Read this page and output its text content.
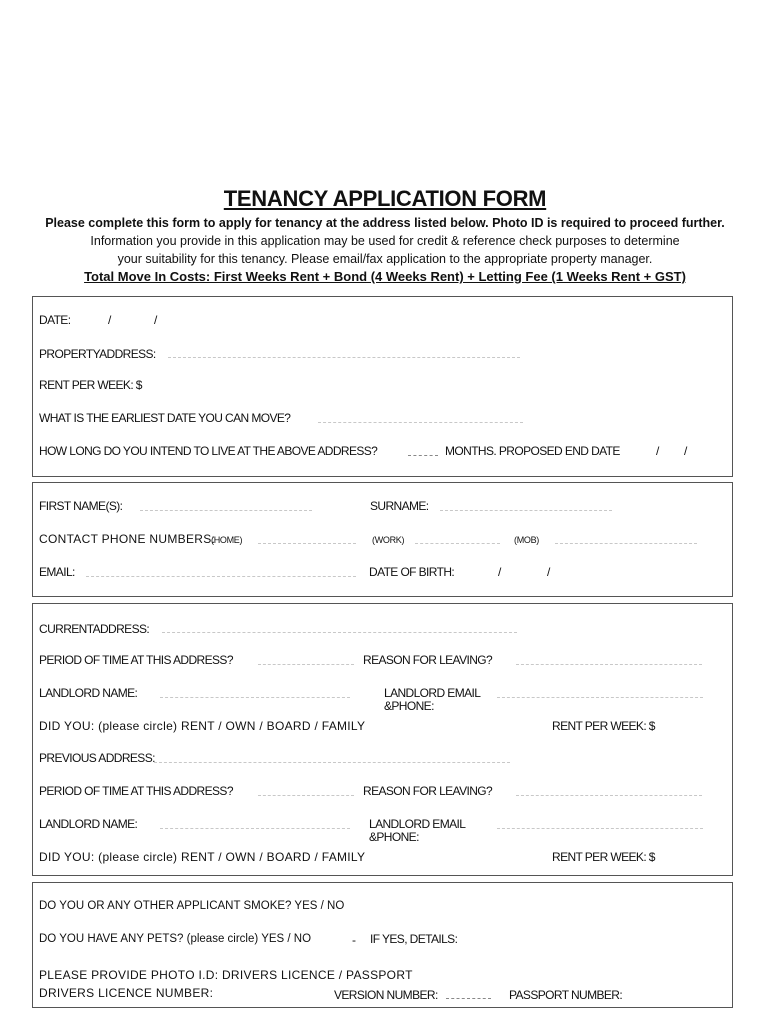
TENANCY APPLICATION FORM
Please complete this form to apply for tenancy at the address listed below. Photo ID is required to proceed further.
Information you provide in this application may be used for credit & reference check purposes to determine
your suitability for this tenancy. Please email/fax application to the appropriate property manager.
Total Move In Costs: First Weeks Rent + Bond (4 Weeks Rent) + Letting Fee (1 Weeks Rent + GST)
DATE:	/	/
PROPERTYADDRESS:
RENT PER WEEK: $
WHAT IS THE EARLIEST DATE YOU CAN MOVE?
HOW LONG DO YOU INTEND TO LIVE AT THE ABOVE ADDRESS?	MONTHS. PROPOSED END DATE	/ /
FIRST NAME(S):	SURNAME:
CONTACT PHONE NUMBERS:
(HOME)	(WORK)	(MOB)
EMAIL:	DATE OF BIRTH:	/	/
CURRENTADDRESS:
PERIOD OF TIME AT THIS ADDRESS?	REASON FOR LEAVING?
LANDLORD NAME:	LANDLORD EMAIL
&PHONE:
DID YOU: (please circle) RENT / OWN / BOARD / FAMILY	RENT PER WEEK: $
PREVIOUS ADDRESS:
PERIOD OF TIME AT THIS ADDRESS?	REASON FOR LEAVING?
LANDLORD NAME:	LANDLORD EMAIL
&PHONE:
DID YOU: (please circle) RENT / OWN / BOARD / FAMILY	RENT PER WEEK: $
DO YOU OR ANY OTHER APPLICANT SMOKE? YES / NO
DO YOU HAVE ANY PETS? (please circle) YES / NO	- IF YES, DETAILS:
PLEASE PROVIDE PHOTO I.D: DRIVERS LICENCE / PASSPORT
DRIVERS LICENCE NUMBER:	VERSION NUMBER:	PASSPORT NUMBER:
